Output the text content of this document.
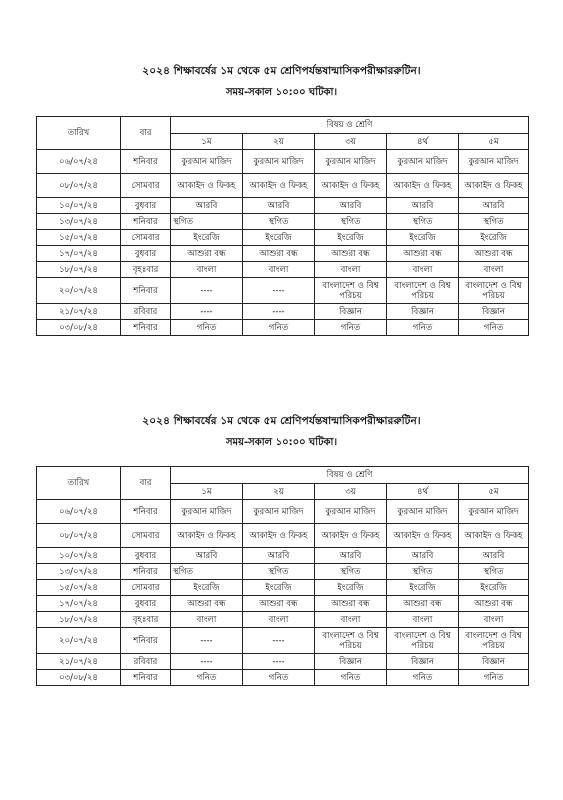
২০২৪ শিক্ষাবর্ষের ১ম থেকে ৫ম শ্রেণিপর্যন্তষান্মাসিকপরীক্ষাররুটিন।
সময়-সকাল ১০:০০ ঘটিকা।
তারিখ	বার	বিষয় ও শ্রেণি				
		১ম	২য়	৩য়	৪র্থ	৫ম
০৬/০৭/২৪	শনিবার	কুরআন মাজিদ	কুরআন মাজিদ	কুরআন মাজিদ	কুরআন মাজিদ	কুরআন মাজিদ
০৮/০৭/২৪	সোমবার	আকাইদ ও ফিকহ	আকাইদ ও ফিকহ	আকাইদ ও ফিকহ	আকাইদ ও ফিকহ	আকাইদ ও ফিকহ
১০/০৭/২৪	বুধবার	আরবি	আরবি	আরবি	আরবি	আরবি
১৩/০৭/২৪	শনিবার	স্থগিত	স্থগিত	স্থগিত	স্থগিত	স্থগিত
১৫/০৭/২৪	সোমবার	ইংরেজি	ইংরেজি	ইংরেজি	ইংরেজি	ইংরেজি
১৭/০৭/২৪	বুধবার	আশুরা বন্ধ	আশুরা বন্ধ	আশুরা বন্ধ	আশুরা বন্ধ	আশুরা বন্ধ
১৮/০৭/২৪	বৃহঃবার	বাংলা	বাংলা	বাংলা	বাংলা	বাংলা
২০/০৭/২৪	শনিবার	----	----	বাংলাদেশ ও বিশ্ব পরিচয়	বাংলাদেশ ও বিশ্ব পরিচয়	বাংলাদেশ ও বিশ্ব পরিচয়
২১/০৭/২৪	রবিবার	----	----	বিজ্ঞান	বিজ্ঞান	বিজ্ঞান
০৩/০৮/২৪	শনিবার	গনিত	গনিত	গনিত	গনিত	গনিত
২০২৪ শিক্ষাবর্ষের ১ম থেকে ৫ম শ্রেণিপর্যন্তষান্মাসিকপরীক্ষাররুটিন।
সময়-সকাল ১০:০০ ঘটিকা।
তারিখ	বার	বিষয় ও শ্রেণি				
		১ম	২য়	৩য়	৪র্থ	৫ম
০৬/০৭/২৪	শনিবার	কুরআন মাজিদ	কুরআন মাজিদ	কুরআন মাজিদ	কুরআন মাজিদ	কুরআন মাজিদ
০৮/০৭/২৪	সোমবার	আকাইদ ও ফিকহ	আকাইদ ও ফিকহ	আকাইদ ও ফিকহ	আকাইদ ও ফিকহ	আকাইদ ও ফিকহ
১০/০৭/২৪	বুধবার	আরবি	আরবি	আরবি	আরবি	আরবি
১৩/০৭/২৪	শনিবার	স্থগিত	স্থগিত	স্থগিত	স্থগিত	স্থগিত
১৫/০৭/২৪	সোমবার	ইংরেজি	ইংরেজি	ইংরেজি	ইংরেজি	ইংরেজি
১৭/০৭/২৪	বুধবার	আশুরা বন্ধ	আশুরা বন্ধ	আশুরা বন্ধ	আশুরা বন্ধ	আশুরা বন্ধ
১৮/০৭/২৪	বৃহঃবার	বাংলা	বাংলা	বাংলা	বাংলা	বাংলা
২০/০৭/২৪	শনিবার	----	----	বাংলাদেশ ও বিশ্ব পরিচয়	বাংলাদেশ ও বিশ্ব পরিচয়	বাংলাদেশ ও বিশ্ব পরিচয়
২১/০৭/২৪	রবিবার	----	----	বিজ্ঞান	বিজ্ঞান	বিজ্ঞান
০৩/০৮/২৪	শনিবার	গনিত	গনিত	গনিত	গনিত	গনিত
